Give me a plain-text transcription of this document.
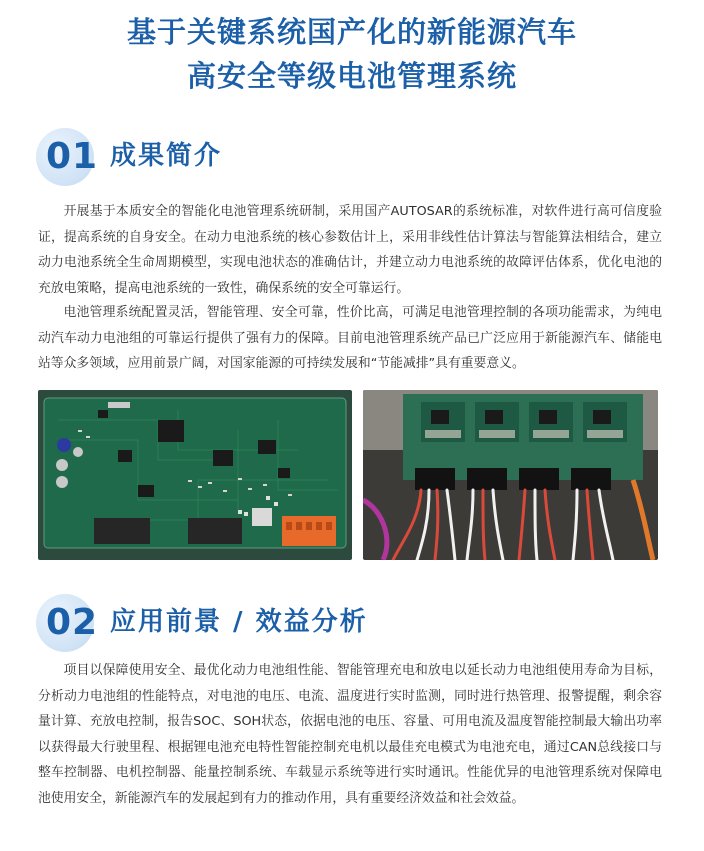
基于关键系统国产化的新能源汽车
高安全等级电池管理系统
01 成果简介

开展基于本质安全的智能化电池管理系统研制，采用国产AUTOSAR的系统标准，对软件进行高可信度验证，提高系统的自身安全。在动力电池系统的核心参数估计上，采用非线性估计算法与智能算法相结合，建立动力电池系统全生命周期模型，实现电池状态的准确估计，并建立动力电池系统的故障评估体系，优化电池的充放电策略，提高电池系统的一致性，确保系统的安全可靠运行。

电池管理系统配置灵活，智能管理、安全可靠，性价比高，可满足电池管理控制的各项功能需求，为纯电动汽车动力电池组的可靠运行提供了强有力的保障。目前电池管理系统产品已广泛应用于新能源汽车、储能电站等众多领域，应用前景广阔，对国家能源的可持续发展和“节能减排”具有重要意义。

02 应用前景 / 效益分析

项目以保障使用安全、最优化动力电池组性能、智能管理充电和放电以延长动力电池组使用寿命为目标，分析动力电池组的性能特点，对电池的电压、电流、温度进行实时监测，同时进行热管理、报警提醒，剩余容量计算、充放电控制，报告SOC、SOH状态，依据电池的电压、容量、可用电流及温度智能控制最大输出功率以获得最大行驶里程、根据锂电池充电特性智能控制充电机以最佳充电模式为电池充电，通过CAN总线接口与整车控制器、电机控制器、能量控制系统、车载显示系统等进行实时通讯。性能优异的电池管理系统对保障电池使用安全，新能源汽车的发展起到有力的推动作用，具有重要经济效益和社会效益。
